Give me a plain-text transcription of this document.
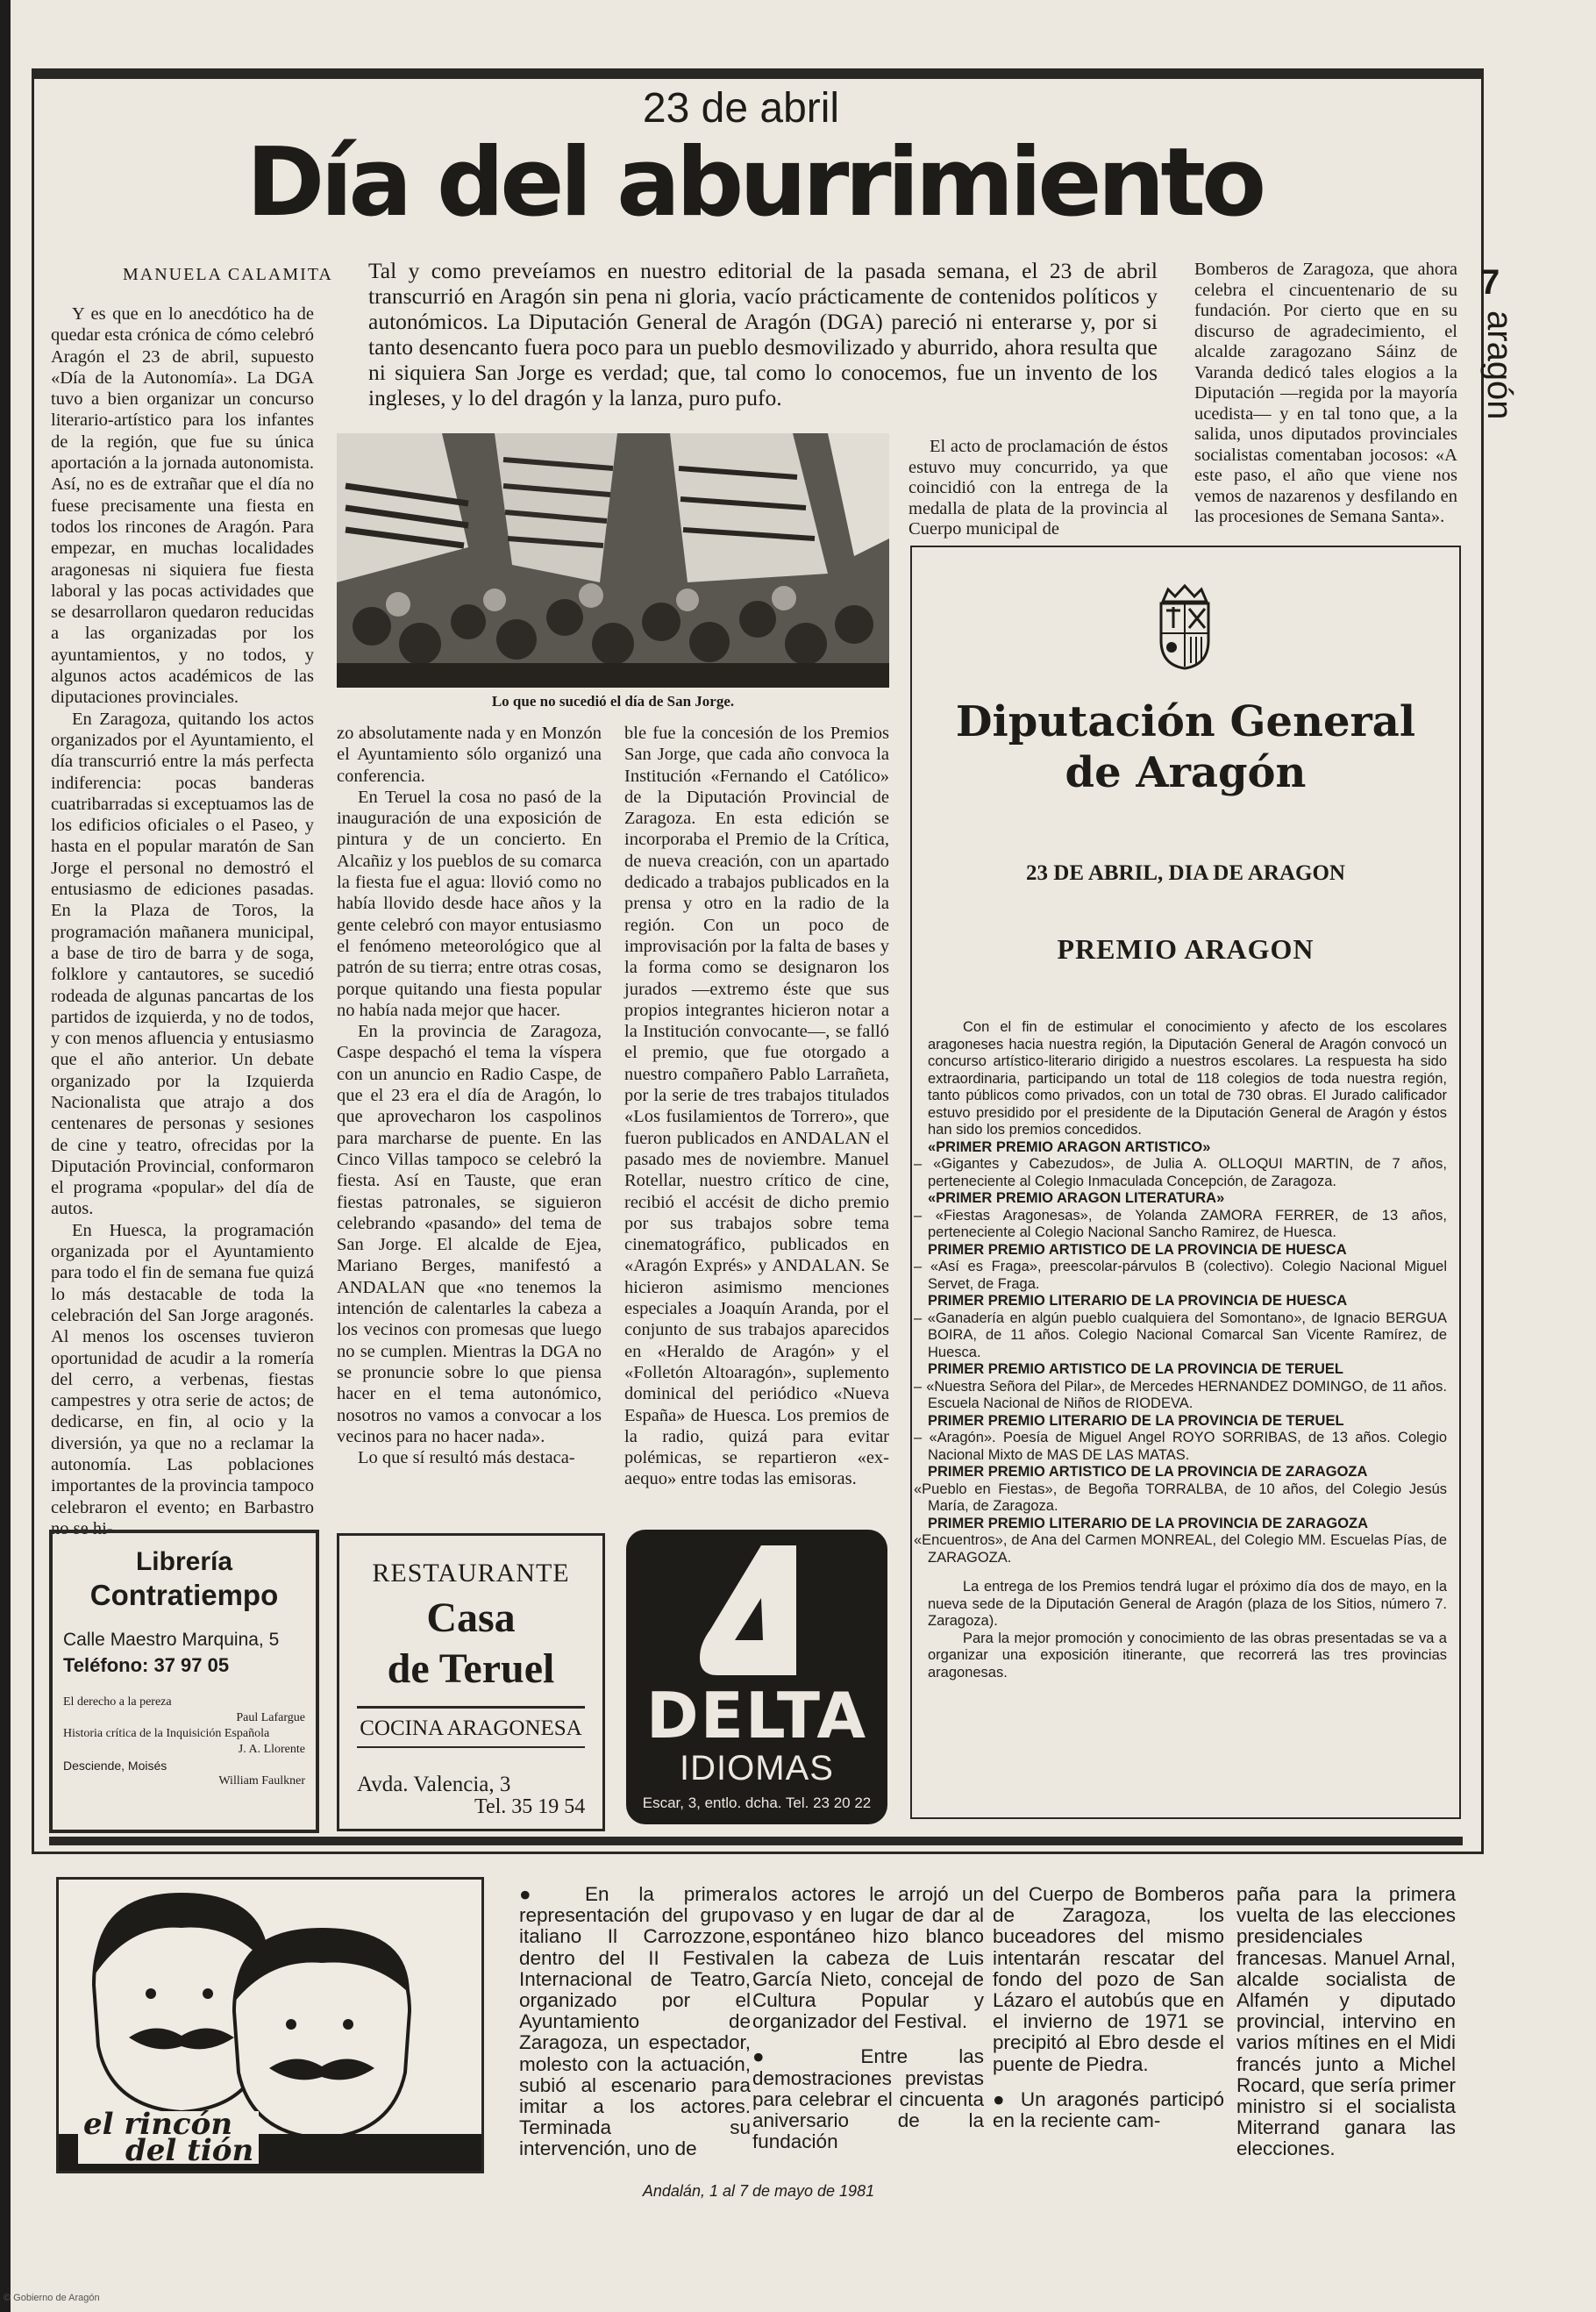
23 de abril
Día del aburrimiento
7
aragón
MANUELA CALAMITA Tal y como preveíamos en nuestro editorial de la pasada semana, el 23 de abril transcurrió en Aragón sin pena ni gloria, vacío prácticamente de contenidos políticos y autonómicos. La Diputación General de Aragón (DGA) pareció ni enterarse y, por si tanto desencanto fuera poco para un pueblo desmovilizado y aburrido, ahora resulta que ni siquiera San Jorge es verdad; que, tal como lo conocemos, fue un invento de los ingleses, y lo del dragón y la lanza, puro pufo.

Y es que en lo anecdótico ha de quedar esta crónica de cómo celebró Aragón el 23 de abril, supuesto «Día de la Autonomía». La DGA tuvo a bien organizar un concurso literario-artístico para los infantes de la región, que fue su única aportación a la jornada autonomista. Así, no es de extrañar que el día no fuese precisamente una fiesta en todos los rincones de Aragón. Para empezar, en muchas localidades aragonesas ni siquiera fue fiesta laboral y las pocas actividades que se desarrollaron quedaron reducidas a las organizadas por los ayuntamientos, y no todos, y algunos actos académicos de las diputaciones provinciales.

En Zaragoza, quitando los actos organizados por el Ayuntamiento, el día transcurrió entre la más perfecta indiferencia: pocas banderas cuatribarradas si exceptuamos las de los edificios oficiales o el Paseo, y hasta en el popular maratón de San Jorge el personal no demostró el entusiasmo de ediciones pasadas. En la Plaza de Toros, la programación mañanera municipal, a base de tiro de barra y de soga, folklore y cantautores, se sucedió rodeada de algunas pancartas de los partidos de izquierda, y no de todos, y con menos afluencia y entusiasmo que el año anterior. Un debate organizado por la Izquierda Nacionalista que atrajo a dos centenares de personas y sesiones de cine y teatro, ofrecidas por la Diputación Provincial, conformaron el programa «popular» del día de autos.

En Huesca, la programación organizada por el Ayuntamiento para todo el fin de semana fue quizá lo más destacable de toda la celebración del San Jorge aragonés. Al menos los oscenses tuvieron oportunidad de acudir a la romería del cerro, a verbenas, fiestas campestres y otra serie de actos; de dedicarse, en fin, al ocio y la diversión, ya que no a reclamar la autonomía. Las poblaciones importantes de la provincia tampoco celebraron el evento; en Barbastro no se hi-

Lo que no sucedió el día de San Jorge.

zo absolutamente nada y en Monzón el Ayuntamiento sólo organizó una conferencia.

En Teruel la cosa no pasó de la inauguración de una exposición de pintura y de un concierto. En Alcañiz y los pueblos de su comarca la fiesta fue el agua: llovió como no había llovido desde hace años y la gente celebró con mayor entusiasmo el fenómeno meteorológico que al patrón de su tierra; entre otras cosas, porque quitando una fiesta popular no había nada mejor que hacer.

En la provincia de Zaragoza, Caspe despachó el tema la víspera con un anuncio en Radio Caspe, de que el 23 era el día de Aragón, lo que aprovecharon los caspolinos para marcharse de puente. En las Cinco Villas tampoco se celebró la fiesta. Así en Tauste, que eran fiestas patronales, se siguieron celebrando «pasando» del tema de San Jorge. El alcalde de Ejea, Mariano Berges, manifestó a ANDALAN que «no tenemos la intención de calentarles la cabeza a los vecinos con promesas que luego no se cumplen. Mientras la DGA no se pronuncie sobre lo que piensa hacer en el tema autonómico, nosotros no vamos a convocar a los vecinos para no hacer nada».

Lo que sí resultó más destaca-

ble fue la concesión de los Premios San Jorge, que cada año convoca la Institución «Fernando el Católico» de la Diputación Provincial de Zaragoza. En esta edición se incorporaba el Premio de la Crítica, de nueva creación, con un apartado dedicado a trabajos publicados en la prensa y otro en la radio de la región. Con un poco de improvisación por la falta de bases y la forma como se designaron los jurados —extremo éste que sus propios integrantes hicieron notar a la Institución convocante—, se falló el premio, que fue otorgado a nuestro compañero Pablo Larrañeta, por la serie de tres trabajos titulados «Los fusilamientos de Torrero», que fueron publicados en ANDALAN el pasado mes de noviembre. Manuel Rotellar, nuestro crítico de cine, recibió el accésit de dicho premio por sus trabajos sobre tema cinematográfico, publicados en «Aragón Exprés» y ANDALAN. Se hicieron asimismo menciones especiales a Joaquín Aranda, por el conjunto de sus trabajos aparecidos en «Heraldo de Aragón» y el «Folletón Altoaragón», suplemento dominical del periódico «Nueva España» de Huesca. Los premios de la radio, quizá para evitar polémicas, se repartieron «ex-aequo» entre todas las emisoras.

El acto de proclamación de éstos estuvo muy concurrido, ya que coincidió con la entrega de la medalla de plata de la provincia al Cuerpo municipal de
Bomberos de Zaragoza, que ahora celebra el cincuentenario de su fundación. Por cierto que en su discurso de agradecimiento, el alcalde zaragozano Sáinz de Varanda dedicó tales elogios a la Diputación —regida por la mayoría ucedista— y en tal tono que, a la salida, unos diputados provinciales socialistas comentaban jocosos: «A este paso, el año que viene nos vemos de nazarenos y desfilando en las procesiones de Semana Santa».
Diputación General
de Aragón
23 DE ABRIL, DIA DE ARAGON
PREMIO ARAGON

Con el fin de estimular el conocimiento y afecto de los escolares aragoneses hacia nuestra región, la Diputación General de Aragón convocó un concurso artístico-literario dirigido a nuestros escolares. La respuesta ha sido extraordinaria, participando un total de 118 colegios de toda nuestra región, tanto públicos como privados, con un total de 730 obras. El Jurado calificador estuvo presidido por el presidente de la Diputación General de Aragón y éstos han sido los premios concedidos.

«PRIMER PREMIO ARAGON ARTISTICO»

– «Gigantes y Cabezudos», de Julia A. OLLOQUI MARTIN, de 7 años, perteneciente al Colegio Inmaculada Concepción, de Zaragoza.

«PRIMER PREMIO ARAGON LITERATURA»

– «Fiestas Aragonesas», de Yolanda ZAMORA FERRER, de 13 años, perteneciente al Colegio Nacional Sancho Ramirez, de Huesca.

PRIMER PREMIO ARTISTICO DE LA PROVINCIA DE HUESCA

– «Así es Fraga», preescolar-párvulos B (colectivo). Colegio Nacional Miguel Servet, de Fraga.

PRIMER PREMIO LITERARIO DE LA PROVINCIA DE HUESCA

– «Ganadería en algún pueblo cualquiera del Somontano», de Ignacio BERGUA BOIRA, de 11 años. Colegio Nacional Comarcal San Vicente Ramírez, de Huesca.

PRIMER PREMIO ARTISTICO DE LA PROVINCIA DE TERUEL

– «Nuestra Señora del Pilar», de Mercedes HERNANDEZ DOMINGO, de 11 años. Escuela Nacional de Niños de RIODEVA.

PRIMER PREMIO LITERARIO DE LA PROVINCIA DE TERUEL

– «Aragón». Poesía de Miguel Angel ROYO SORRIBAS, de 13 años. Colegio Nacional Mixto de MAS DE LAS MATAS.

PRIMER PREMIO ARTISTICO DE LA PROVINCIA DE ZARAGOZA

«Pueblo en Fiestas», de Begoña TORRALBA, de 10 años, del Colegio Jesús María, de Zaragoza.

PRIMER PREMIO LITERARIO DE LA PROVINCIA DE ZARAGOZA

«Encuentros», de Ana del Carmen MONREAL, del Colegio MM. Escuelas Pías, de ZARAGOZA.

La entrega de los Premios tendrá lugar el próximo día dos de mayo, en la nueva sede de la Diputación General de Aragón (plaza de los Sitios, número 7. Zaragoza).

Para la mejor promoción y conocimiento de las obras presentadas se va a organizar una exposición itinerante, que recorrerá las tres provincias aragonesas.

Librería
Contratiempo
Calle Maestro Marquina, 5
Teléfono: 37 97 05
El derecho a la pereza
Paul Lafargue
Historia crítica de la Inquisición Española
J. A. Llorente
Desciende, Moisés
William Faulkner
RESTAURANTE
Casa
de Teruel
COCINA ARAGONESA
Avda. Valencia, 3
Tel. 35 19 54
DELTA
IDIOMAS
Escar, 3, entlo. dcha. Tel. 23 20 22
el rincón
del tión

● En la primera representación del grupo italiano Il Carrozzone, dentro del II Festival Internacional de Teatro, organizado por el Ayuntamiento de Zaragoza, un espectador, molesto con la actuación, subió al escenario para imitar a los actores. Terminada su intervención, uno de

los actores le arrojó un vaso y en lugar de dar al espontáneo hizo blanco en la cabeza de Luis García Nieto, concejal de Cultura Popular y organizador del Festival.

● Entre las demostraciones previstas para celebrar el cincuenta aniversario de la fundación

del Cuerpo de Bomberos de Zaragoza, los buceadores del mismo intentarán rescatar del fondo del pozo de San Lázaro el autobús que en el invierno de 1971 se precipitó al Ebro desde el puente de Piedra.

● Un aragonés participó en la reciente cam-

paña para la primera vuelta de las elecciones presidenciales francesas. Manuel Arnal, alcalde socialista de Alfamén y diputado provincial, intervino en varios mítines en el Midi francés junto a Michel Rocard, que sería primer ministro si el socialista Miterrand ganara las elecciones.

Andalán, 1 al 7 de mayo de 1981
© Gobierno de Aragón
